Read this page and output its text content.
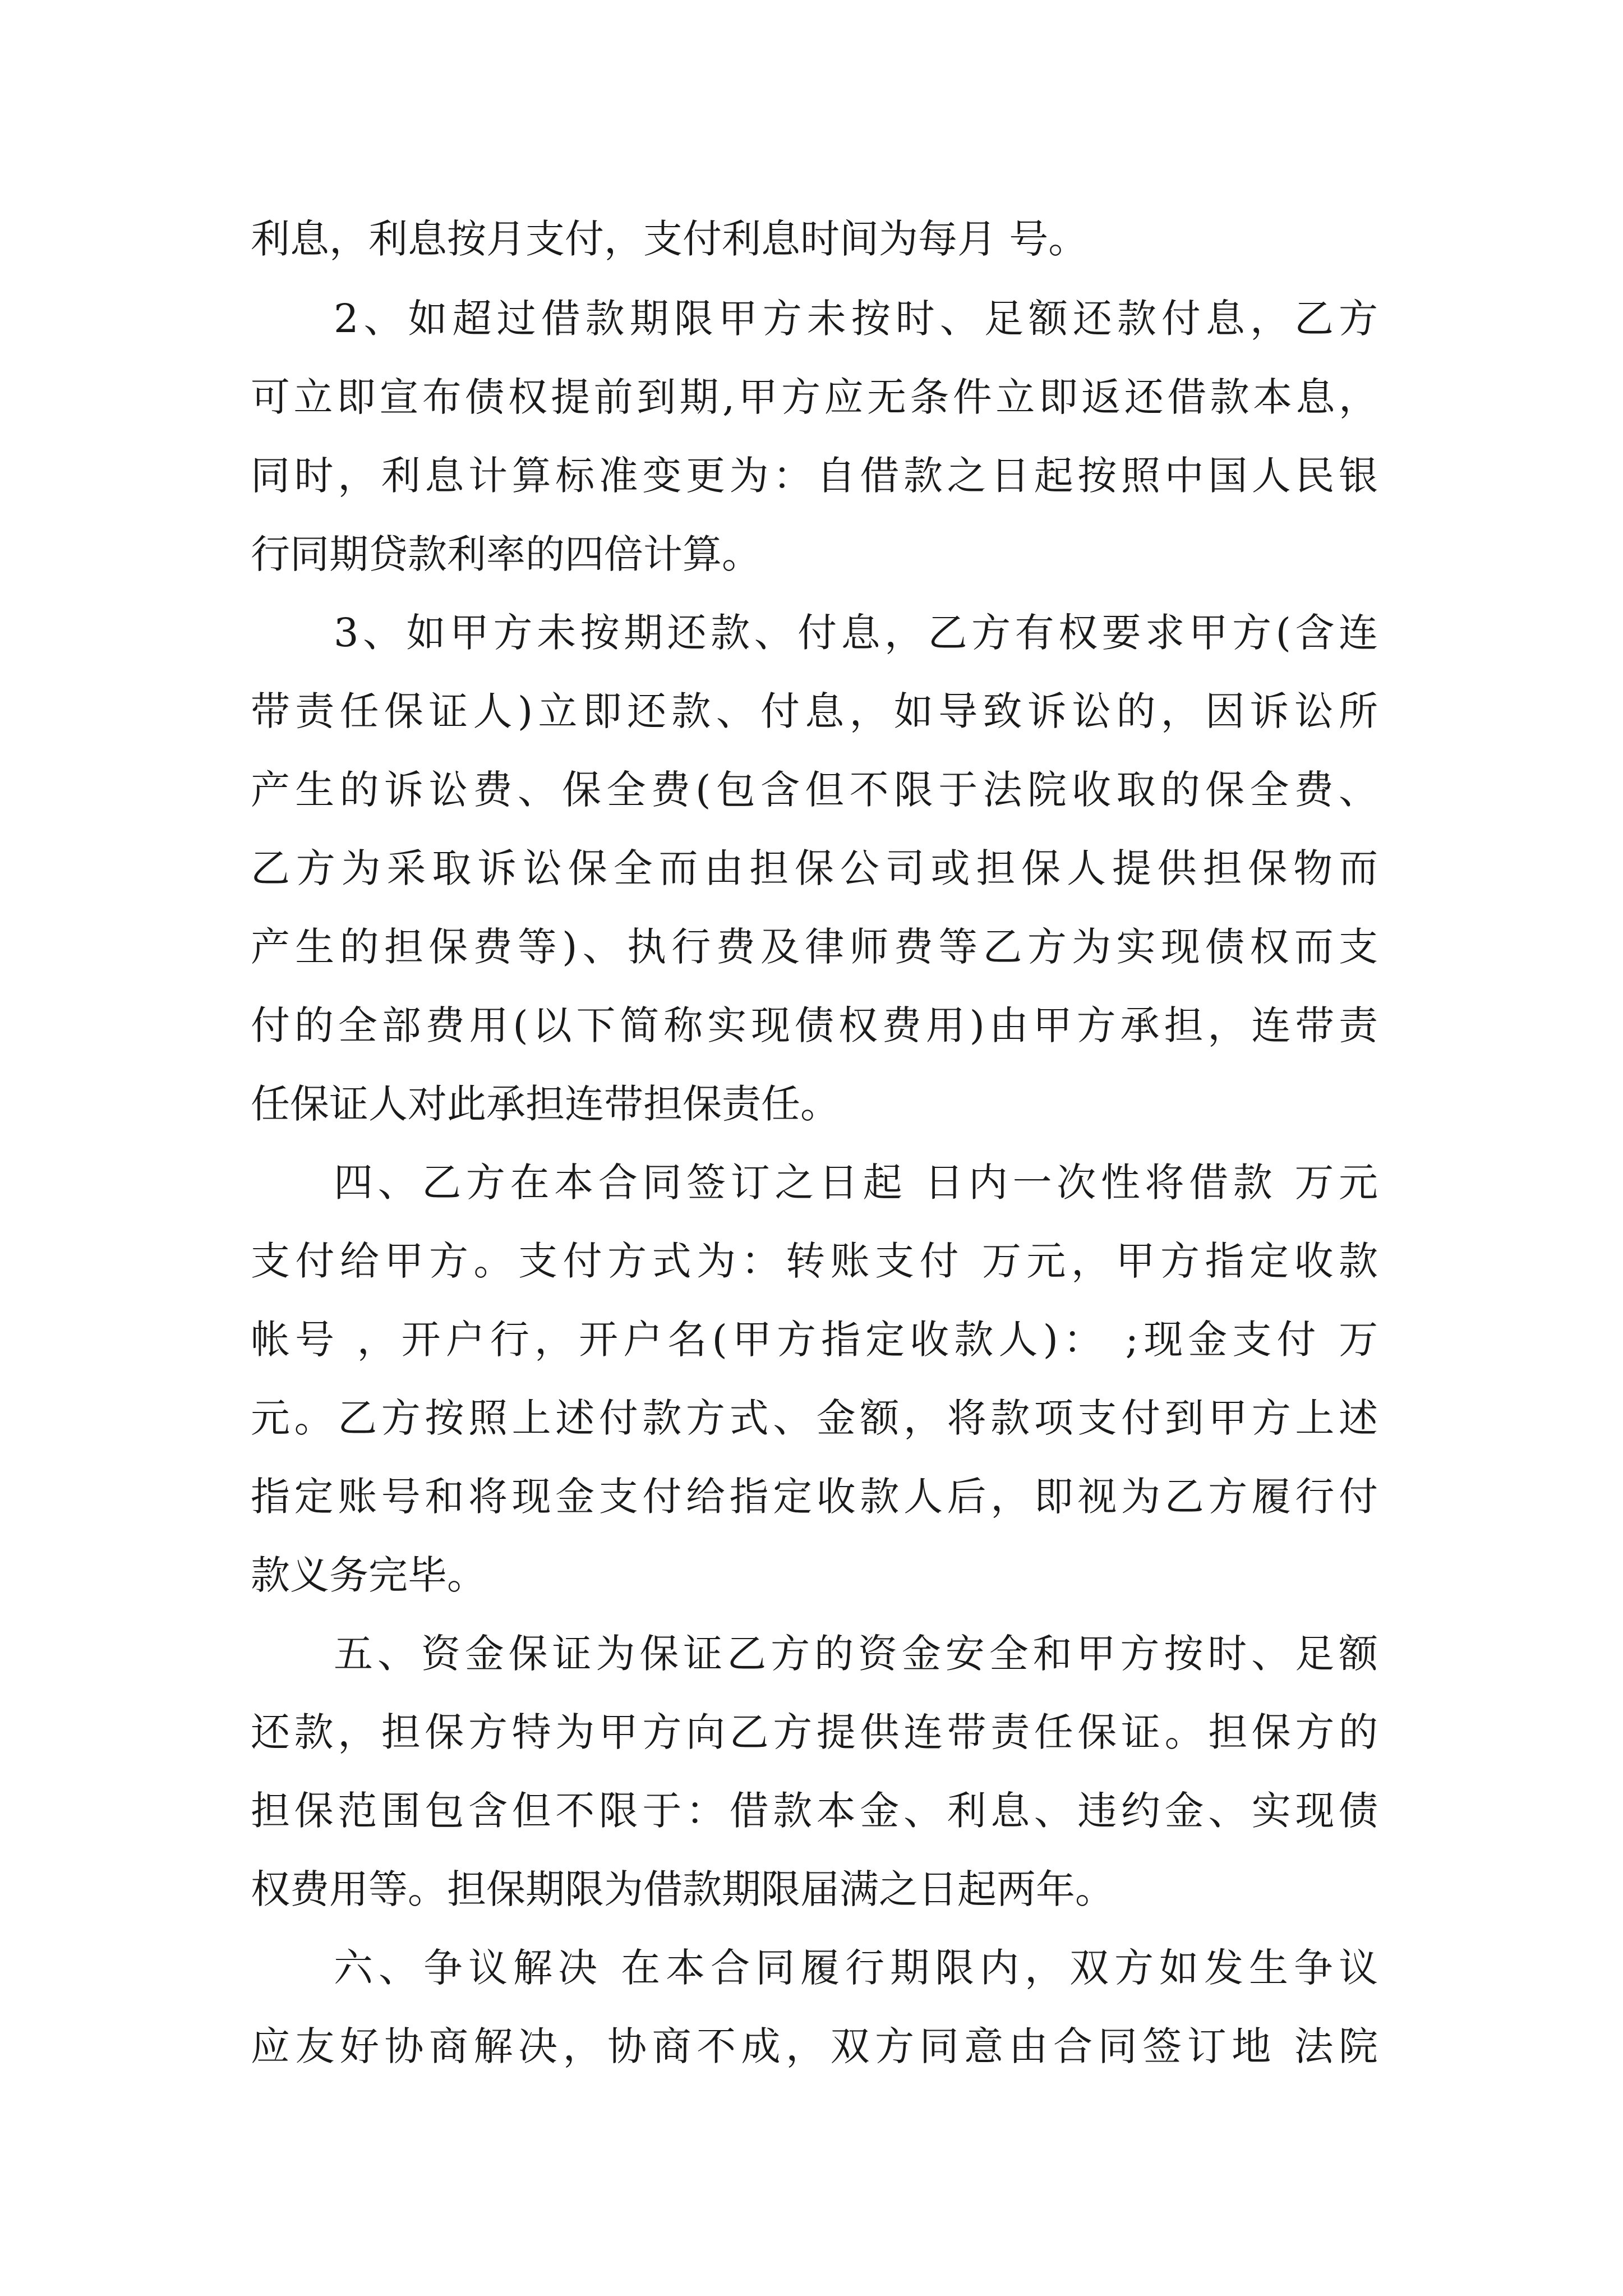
利息，利息按月支付，支付利息时间为每月 号。
2、如超过借款期限甲方未按时、足额还款付息，乙方
可立即宣布债权提前到期,甲方应无条件立即返还借款本息，
同时，利息计算标准变更为：自借款之日起按照中国人民银
行同期贷款利率的四倍计算。
3、如甲方未按期还款、付息，乙方有权要求甲方(含连
带责任保证人)立即还款、付息，如导致诉讼的，因诉讼所
产生的诉讼费、保全费(包含但不限于法院收取的保全费、
乙方为采取诉讼保全而由担保公司或担保人提供担保物而
产生的担保费等)、执行费及律师费等乙方为实现债权而支
付的全部费用(以下简称实现债权费用)由甲方承担，连带责
任保证人对此承担连带担保责任。
四、乙方在本合同签订之日起 日内一次性将借款 万元
支付给甲方。支付方式为：转账支付 万元，甲方指定收款
帐号 ，开户行，开户名(甲方指定收款人)： ;现金支付 万
元。乙方按照上述付款方式、金额，将款项支付到甲方上述
指定账号和将现金支付给指定收款人后，即视为乙方履行付
款义务完毕。
五、资金保证为保证乙方的资金安全和甲方按时、足额
还款，担保方特为甲方向乙方提供连带责任保证。担保方的
担保范围包含但不限于：借款本金、利息、违约金、实现债
权费用等。担保期限为借款期限届满之日起两年。
六、争议解决 在本合同履行期限内，双方如发生争议
应友好协商解决，协商不成，双方同意由合同签订地 法院
